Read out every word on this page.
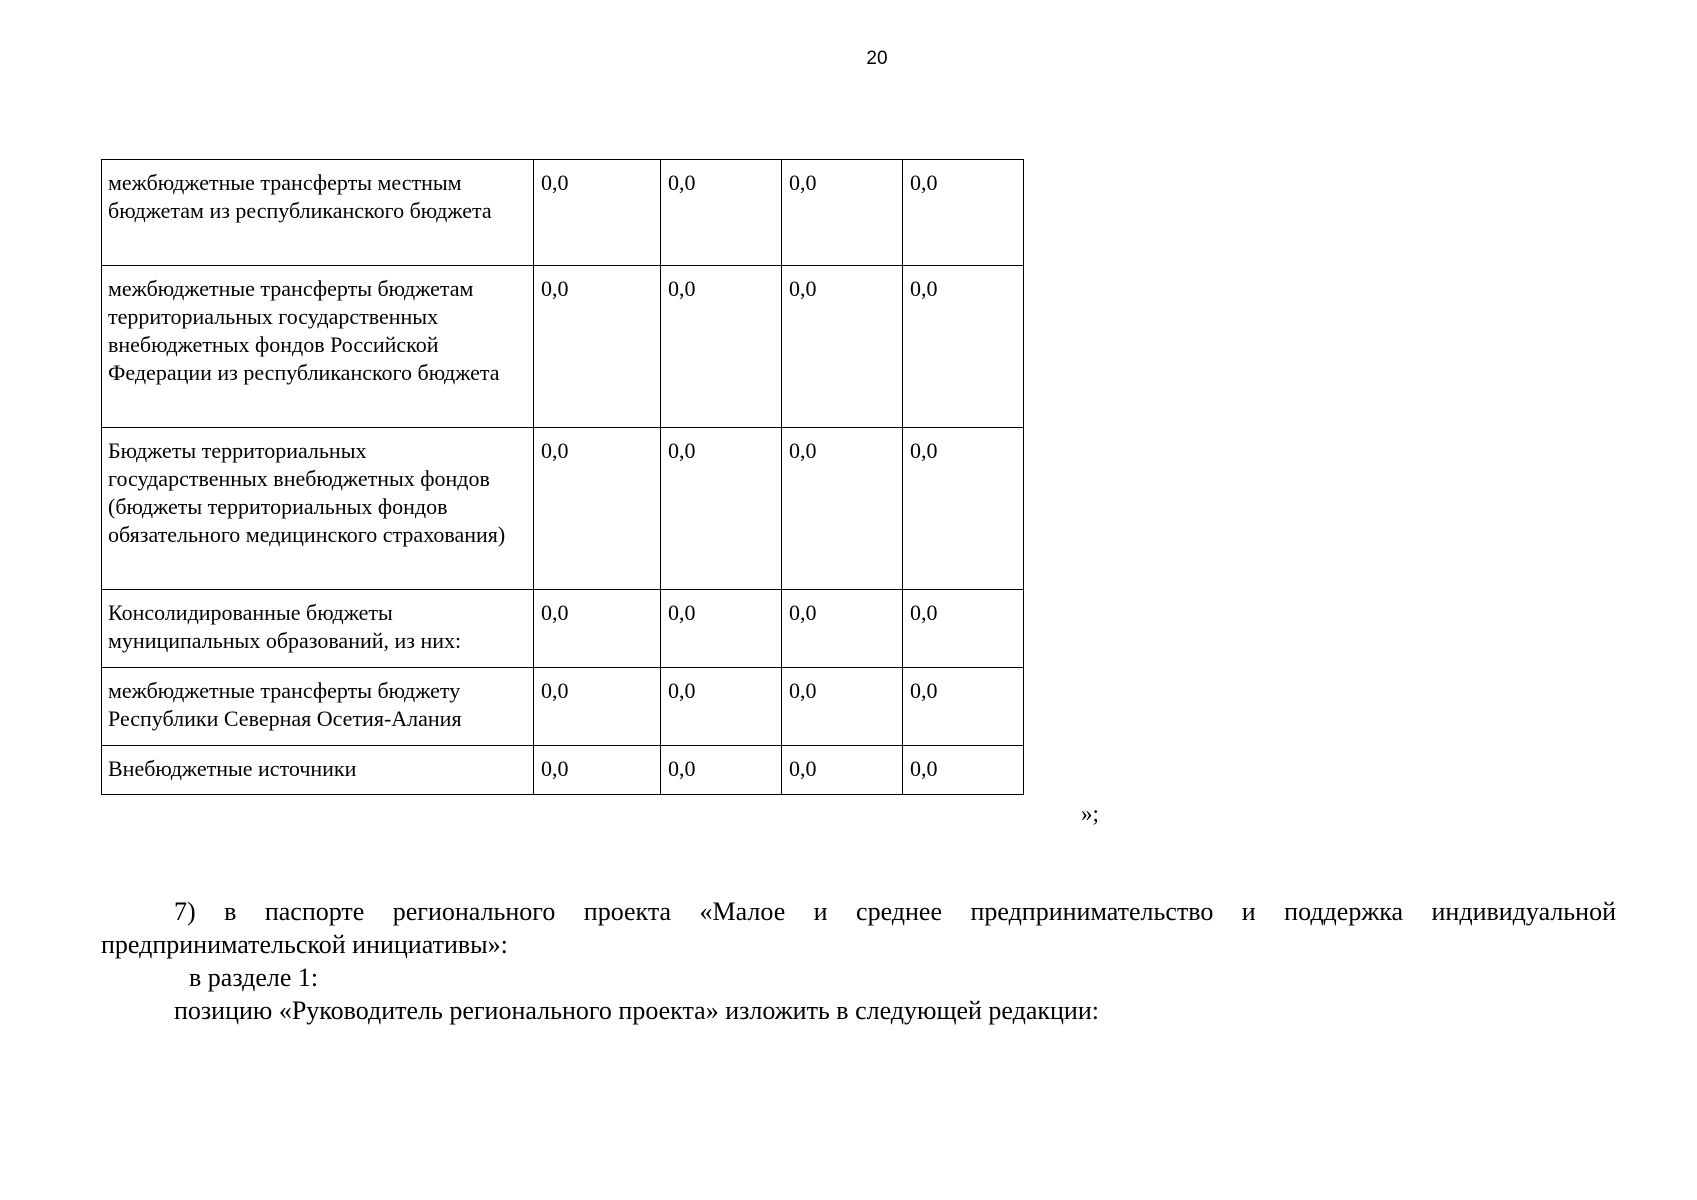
20
межбюджетные трансферты местным бюджетам из республиканского бюджета	0,0	0,0	0,0	0,0
межбюджетные трансферты бюджетам территориальных государственных внебюджетных фондов Российской Федерации из республиканского бюджета	0,0	0,0	0,0	0,0
Бюджеты территориальных государственных внебюджетных фондов (бюджеты территориальных фондов обязательного медицинского страхования)	0,0	0,0	0,0	0,0
Консолидированные бюджеты муниципальных образований, из них:	0,0	0,0	0,0	0,0
межбюджетные трансферты бюджету Республики Северная Осетия-Алания	0,0	0,0	0,0	0,0
Внебюджетные источники	0,0	0,0	0,0	0,0
»;
7) в паспорте регионального проекта «Малое и среднее предпринимательство и поддержка индивидуальной предпринимательской инициативы»:
в разделе 1:
позицию «Руководитель регионального проекта» изложить в следующей редакции:
